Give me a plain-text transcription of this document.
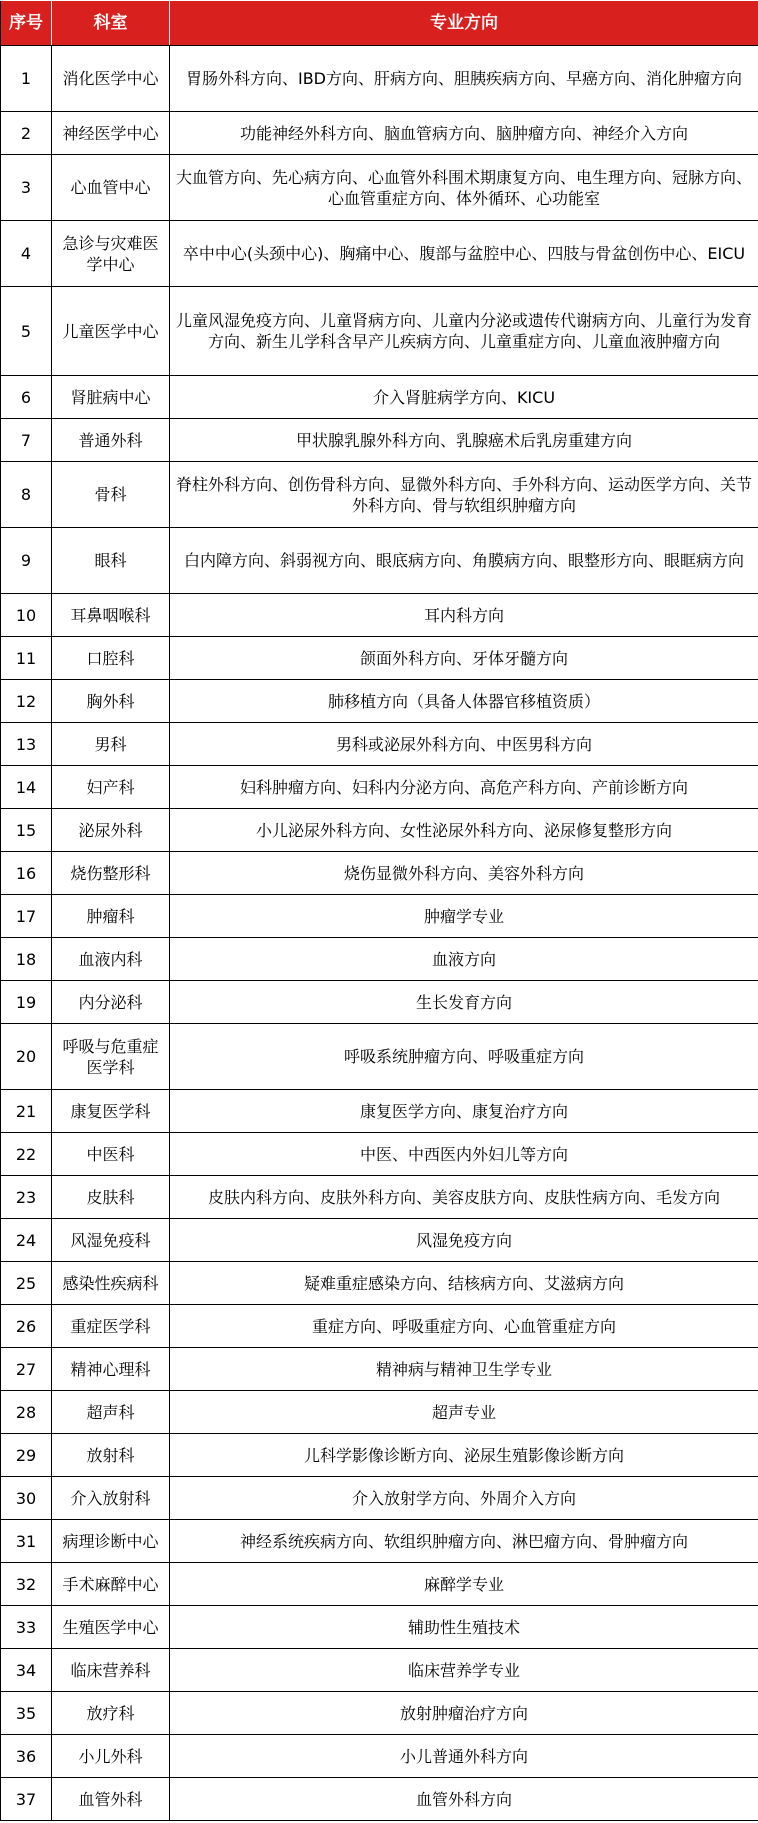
序号	科室	专业方向
1	消化医学中心	胃肠外科方向、IBD方向、肝病方向、胆胰疾病方向、早癌方向、消化肿瘤方向
2	神经医学中心	功能神经外科方向、脑血管病方向、脑肿瘤方向、神经介入方向
3	心血管中心	大血管方向、先心病方向、心血管外科围术期康复方向、电生理方向、冠脉方向、心血管重症方向、体外循环、心功能室
4	急诊与灾难医学中心	卒中中心(头颈中心)、胸痛中心、腹部与盆腔中心、四肢与骨盆创伤中心、EICU
5	儿童医学中心	儿童风湿免疫方向、儿童肾病方向、儿童内分泌或遗传代谢病方向、儿童行为发育方向、新生儿学科含早产儿疾病方向、儿童重症方向、儿童血液肿瘤方向
6	肾脏病中心	介入肾脏病学方向、KICU
7	普通外科	甲状腺乳腺外科方向、乳腺癌术后乳房重建方向
8	骨科	脊柱外科方向、创伤骨科方向、显微外科方向、手外科方向、运动医学方向、关节外科方向、骨与软组织肿瘤方向
9	眼科	白内障方向、斜弱视方向、眼底病方向、角膜病方向、眼整形方向、眼眶病方向
10	耳鼻咽喉科	耳内科方向
11	口腔科	颌面外科方向、牙体牙髓方向
12	胸外科	肺移植方向（具备人体器官移植资质）
13	男科	男科或泌尿外科方向、中医男科方向
14	妇产科	妇科肿瘤方向、妇科内分泌方向、高危产科方向、产前诊断方向
15	泌尿外科	小儿泌尿外科方向、女性泌尿外科方向、泌尿修复整形方向
16	烧伤整形科	烧伤显微外科方向、美容外科方向
17	肿瘤科	肿瘤学专业
18	血液内科	血液方向
19	内分泌科	生长发育方向
20	呼吸与危重症医学科	呼吸系统肿瘤方向、呼吸重症方向
21	康复医学科	康复医学方向、康复治疗方向
22	中医科	中医、中西医内外妇儿等方向
23	皮肤科	皮肤内科方向、皮肤外科方向、美容皮肤方向、皮肤性病方向、毛发方向
24	风湿免疫科	风湿免疫方向
25	感染性疾病科	疑难重症感染方向、结核病方向、艾滋病方向
26	重症医学科	重症方向、呼吸重症方向、心血管重症方向
27	精神心理科	精神病与精神卫生学专业
28	超声科	超声专业
29	放射科	儿科学影像诊断方向、泌尿生殖影像诊断方向
30	介入放射科	介入放射学方向、外周介入方向
31	病理诊断中心	神经系统疾病方向、软组织肿瘤方向、淋巴瘤方向、骨肿瘤方向
32	手术麻醉中心	麻醉学专业
33	生殖医学中心	辅助性生殖技术
34	临床营养科	临床营养学专业
35	放疗科	放射肿瘤治疗方向
36	小儿外科	小儿普通外科方向
37	血管外科	血管外科方向
